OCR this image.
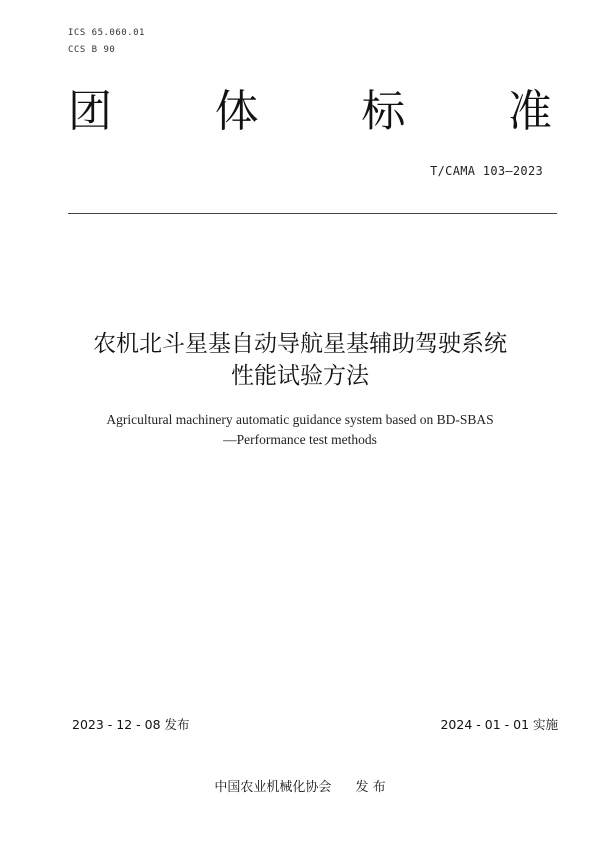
ICS 65.060.01
CCS B 90
团 体 标 准
T/CAMA 103—2023
农机北斗星基自动导航星基辅助驾驶系统
性能试验方法
Agricultural machinery automatic guidance system based on BD-SBAS
—Performance test methods
2023 - 12 - 08 发布	2024 - 01 - 01 实施
中国农业机械化协会 发 布
